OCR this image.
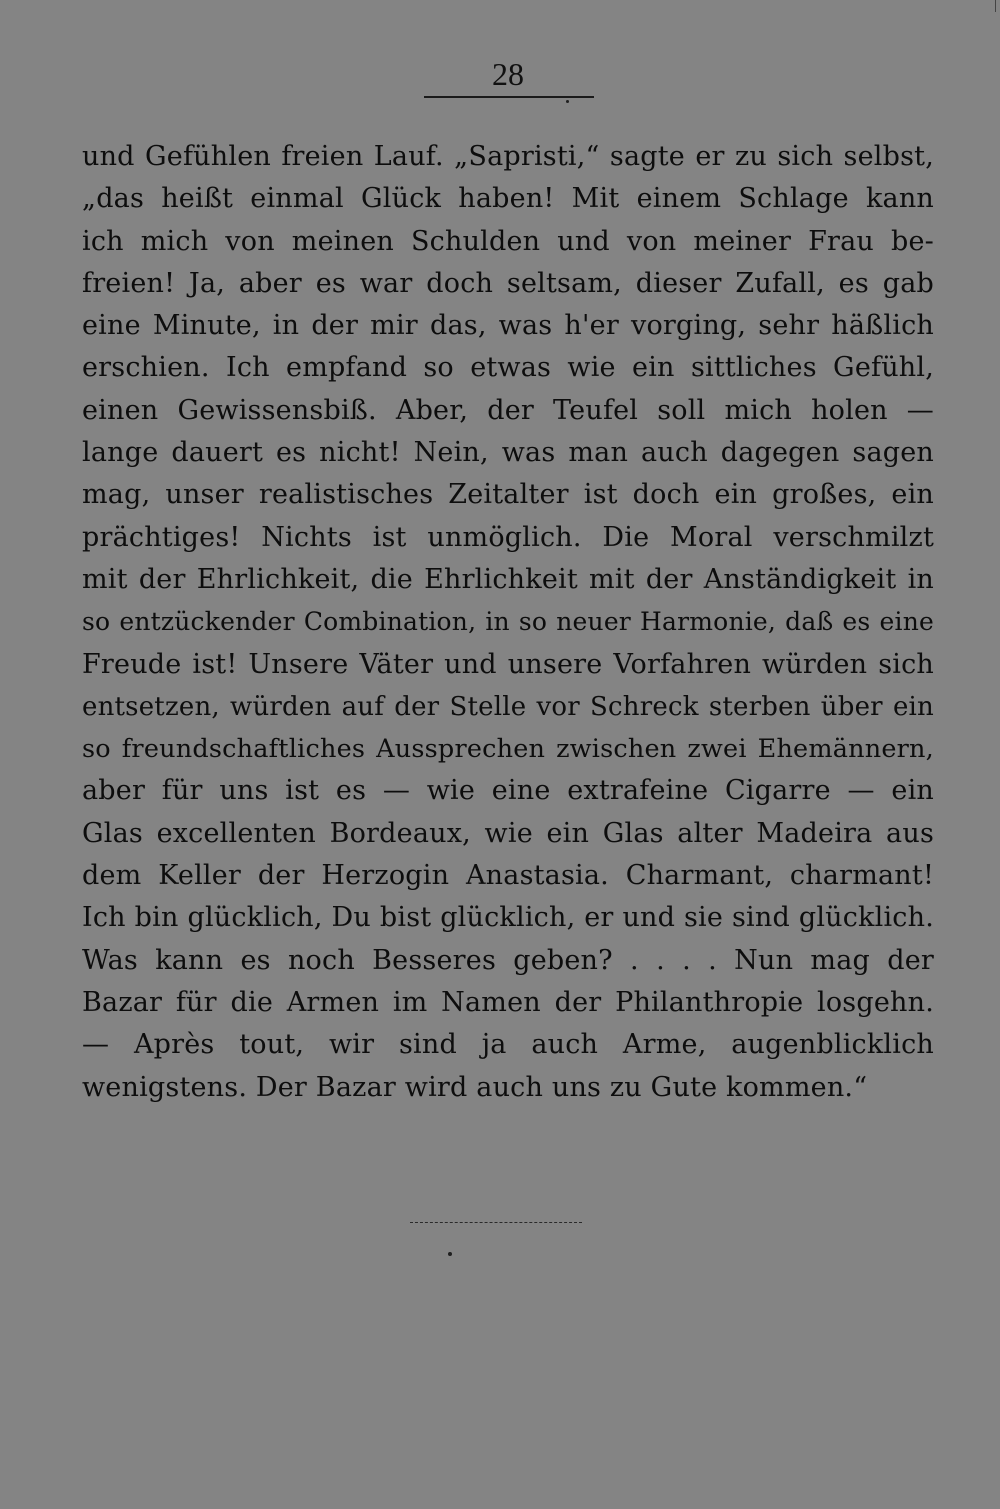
28
und Gefühlen freien Lauf. „Sapristi,“ sagte er zu sich selbst,
„das heißt einmal Glück haben! Mit einem Schlage kann
ich mich von meinen Schulden und von meiner Frau be-
freien! Ja, aber es war doch seltsam, dieser Zufall, es gab
eine Minute, in der mir das, was h'er vorging, sehr häßlich
erschien. Ich empfand so etwas wie ein sittliches Gefühl,
einen Gewissensbiß. Aber, der Teufel soll mich holen —
lange dauert es nicht! Nein, was man auch dagegen sagen
mag, unser realistisches Zeitalter ist doch ein großes, ein
prächtiges! Nichts ist unmöglich. Die Moral verschmilzt
mit der Ehrlichkeit, die Ehrlichkeit mit der Anständigkeit in
so entzückender Combination, in so neuer Harmonie, daß es eine
Freude ist! Unsere Väter und unsere Vorfahren würden sich
entsetzen, würden auf der Stelle vor Schreck sterben über ein
so freundschaftliches Aussprechen zwischen zwei Ehemännern,
aber für uns ist es — wie eine extrafeine Cigarre — ein
Glas excellenten Bordeaux, wie ein Glas alter Madeira aus
dem Keller der Herzogin Anastasia. Charmant, charmant!
Ich bin glücklich, Du bist glücklich, er und sie sind glücklich.
Was kann es noch Besseres geben? . . . . Nun mag der
Bazar für die Armen im Namen der Philanthropie losgehn.
— Après tout, wir sind ja auch Arme, augenblicklich
wenigstens. Der Bazar wird auch uns zu Gute kommen.“
